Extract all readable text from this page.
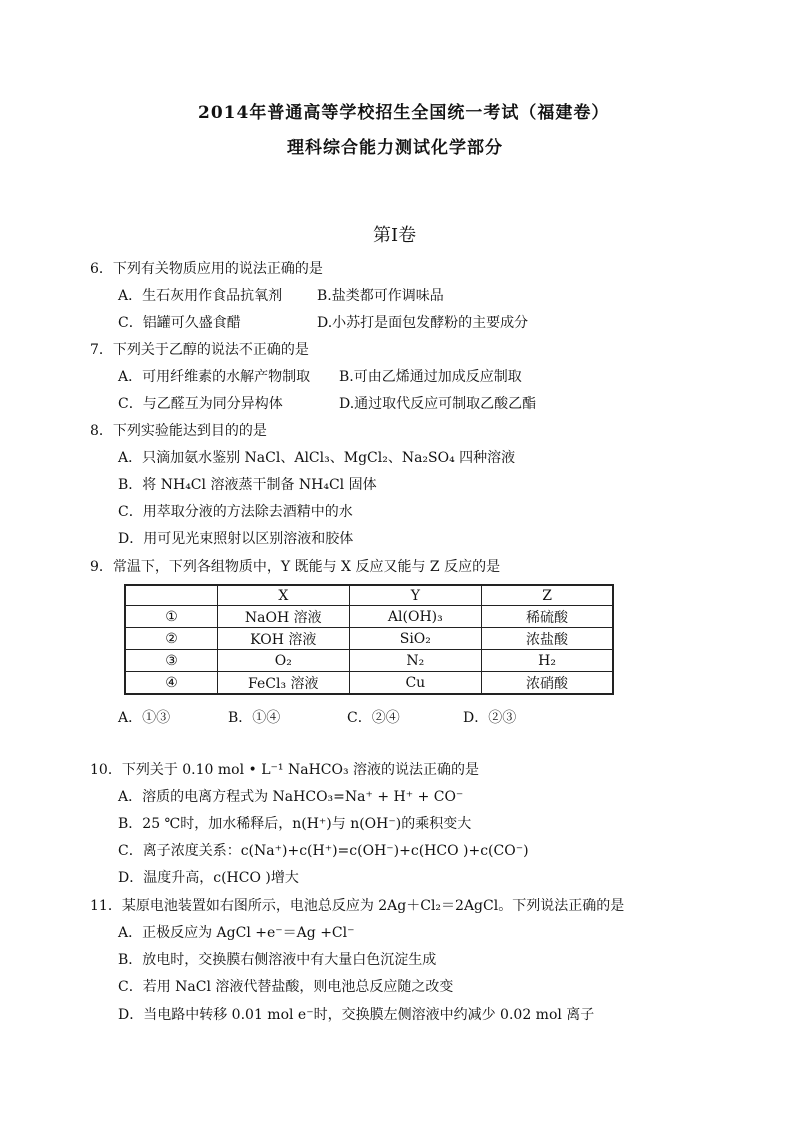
2014年普通高等学校招生全国统一考试（福建卷）
理科综合能力测试化学部分
第I卷
6．下列有关物质应用的说法正确的是
A．生石灰用作食品抗氧剂 B.盐类都可作调味品
C．铝罐可久盛食醋	D.小苏打是面包发酵粉的主要成分
7．下列关于乙醇的说法不正确的是
A．可用纤维素的水解产物制取 B.可由乙烯通过加成反应制取
C．与乙醛互为同分异构体	D.通过取代反应可制取乙酸乙酯
8．下列实验能达到目的的是
A．只滴加氨水鉴别 NaCl、AlCl₃、MgCl₂、Na₂SO₄ 四种溶液
B．将 NH₄Cl 溶液蒸干制备 NH₄Cl 固体
C．用萃取分液的方法除去酒精中的水
D．用可见光束照射以区别溶液和胶体
9．常温下，下列各组物质中，Y 既能与 X 反应又能与 Z 反应的是
	X	Y	Z
①	NaOH 溶液	Al(OH)₃	稀硫酸
②	KOH 溶液	SiO₂	浓盐酸
③	O₂	N₂	H₂
④	FeCl₃ 溶液	Cu	浓硝酸
A．①③	B．①④	C．②④	D．②③
10．下列关于 0.10 mol • L⁻¹ NaHCO₃ 溶液的说法正确的是
A．溶质的电离方程式为 NaHCO₃=Na⁺ + H⁺ + CO⁻
B．25 ℃时，加水稀释后，n(H⁺)与 n(OH⁻)的乘积变大
C．离子浓度关系：c(Na⁺)+c(H⁺)=c(OH⁻)+c(HCO )+c(CO⁻)
D．温度升高，c(HCO )增大
11．某原电池装置如右图所示，电池总反应为 2Ag＋Cl₂＝2AgCl。下列说法正确的是
A．正极反应为 AgCl +e⁻＝Ag +Cl⁻
B．放电时，交换膜右侧溶液中有大量白色沉淀生成
C．若用 NaCl 溶液代替盐酸，则电池总反应随之改变
D．当电路中转移 0.01 mol e⁻时，交换膜左侧溶液中约减少 0.02 mol 离子
